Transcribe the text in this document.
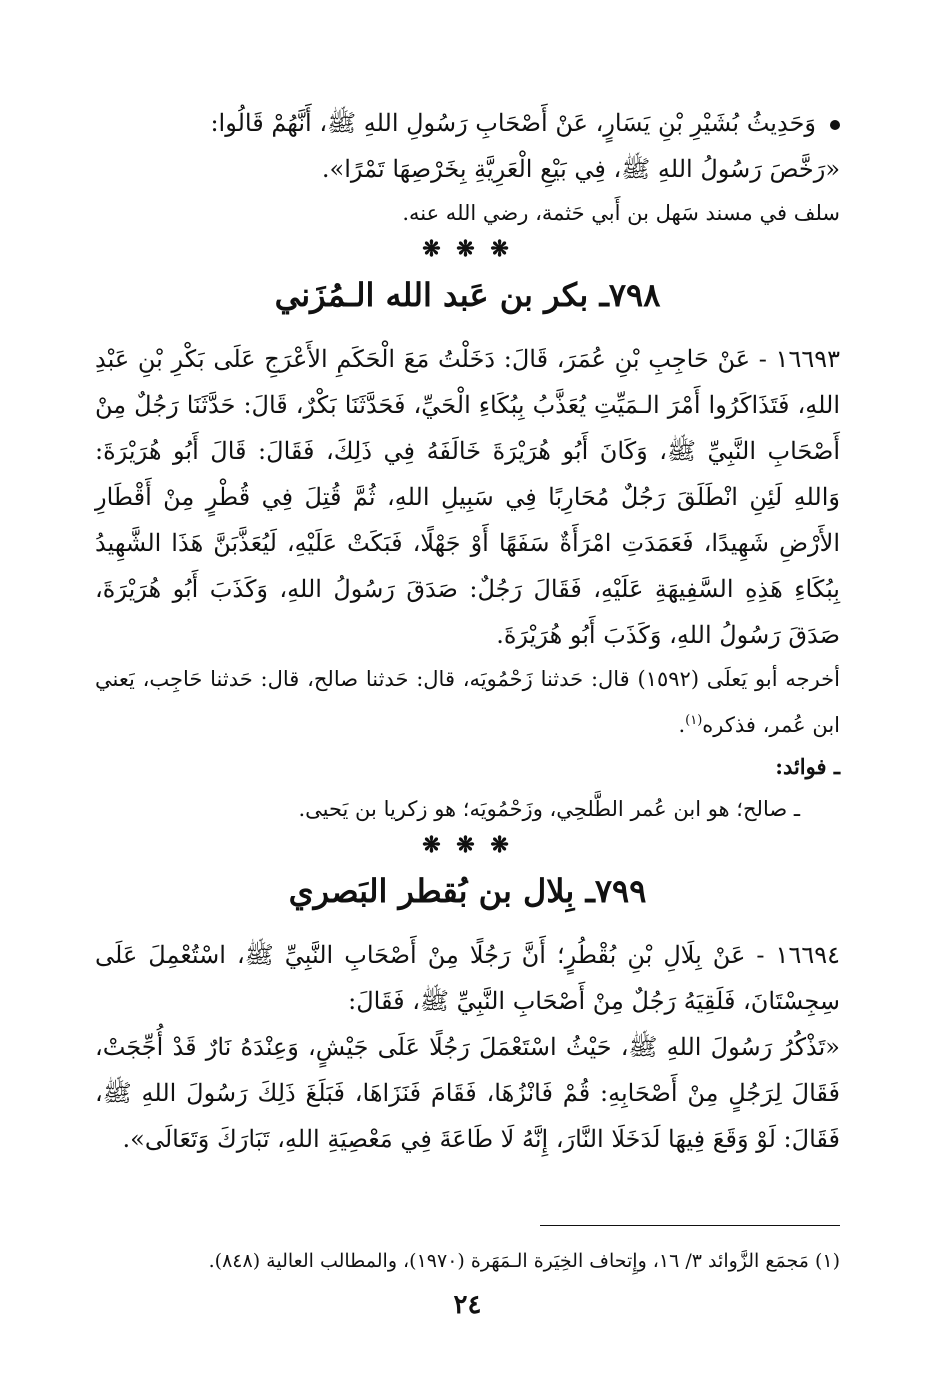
وَحَدِيثُ بُشَيْرِ بْنِ يَسَارٍ، عَنْ أَصْحَابِ رَسُولِ اللهِ ﷺ، أَنَّهُمْ قَالُوا:
«رَخَّصَ رَسُولُ اللهِ ﷺ، فِي بَيْعِ الْعَرِيَّةِ بِخَرْصِهَا تَمْرًا».

سلف في مسند سَهل بن أَبي حَثمة، رضي الله عنه.

❋ ❋ ❋
٧٩٨ـ بكر بن عَبد الله الـمُزَني

١٦٦٩٣ - عَنْ حَاجِبِ بْنِ عُمَرَ، قَالَ: دَخَلْتُ مَعَ الْحَكَمِ الأَعْرَجِ عَلَى بَكْرِ بْنِ عَبْدِ اللهِ، فَتَذَاكَرُوا أَمْرَ الـمَيِّتِ يُعَذَّبُ بِبُكَاءِ الْحَيِّ، فَحَدَّثَنَا بَكْرٌ، قَالَ: حَدَّثَنَا رَجُلٌ مِنْ أَصْحَابِ النَّبِيِّ ﷺ، وَكَانَ أَبُو هُرَيْرَةَ خَالَفَهُ فِي ذَلِكَ، فَقَالَ: قَالَ أَبُو هُرَيْرَةَ: وَاللهِ لَئِنِ انْطَلَقَ رَجُلٌ مُحَارِبًا فِي سَبِيلِ اللهِ، ثُمَّ قُتِلَ فِي قُطْرٍ مِنْ أَقْطَارِ الأَرْضِ شَهِيدًا، فَعَمَدَتِ امْرَأَةٌ سَفَهًا أَوْ جَهْلًا، فَبَكَتْ عَلَيْهِ، لَيُعَذَّبَنَّ هَذَا الشَّهِيدُ بِبُكَاءِ هَذِهِ السَّفِيهَةِ عَلَيْهِ، فَقَالَ رَجُلٌ: صَدَقَ رَسُولُ اللهِ، وَكَذَبَ أَبُو هُرَيْرَةَ، صَدَقَ رَسُولُ اللهِ، وَكَذَبَ أَبُو هُرَيْرَةَ.

أخرجه أبو يَعلَى (١٥٩٢) قال: حَدثنا زَحْمُويَه، قال: حَدثنا صالح، قال: حَدثنا حَاجِب، يَعني ابن عُمر، فذكره$^{(١)}$.

ـ فوائد:

ـ صالح؛ هو ابن عُمر الطَّلحِي، وزَحْمُويَه؛ هو زكريا بن يَحيى.

❋ ❋ ❋
٧٩٩ـ بِلال بن بُقطر البَصري

١٦٦٩٤ - عَنْ بِلَالِ بْنِ بُقْطُرٍ؛ أَنَّ رَجُلًا مِنْ أَصْحَابِ النَّبِيِّ ﷺ، اسْتُعْمِلَ عَلَى سِجِسْتَانَ، فَلَقِيَهُ رَجُلٌ مِنْ أَصْحَابِ النَّبِيِّ ﷺ، فَقَالَ:

«تَذْكُرُ رَسُولَ اللهِ ﷺ، حَيْثُ اسْتَعْمَلَ رَجُلًا عَلَى جَيْشٍ، وَعِنْدَهُ نَارٌ قَدْ أُجِّجَتْ، فَقَالَ لِرَجُلٍ مِنْ أَصْحَابِهِ: قُمْ فَانْزُهَا، فَقَامَ فَنَزَاهَا، فَبَلَغَ ذَلِكَ رَسُولَ اللهِ ﷺ، فَقَالَ: لَوْ وَقَعَ فِيهَا لَدَخَلَا النَّارَ، إِنَّهُ لَا طَاعَةَ فِي مَعْصِيَةِ اللهِ، تَبَارَكَ وَتَعَالَى».

(١) مَجمَع الزَّوائد ٣/ ١٦، وإِتحاف الخِيَرة الـمَهَرة (١٩٧٠)، والمطالب العالية (٨٤٨).

٢٤
